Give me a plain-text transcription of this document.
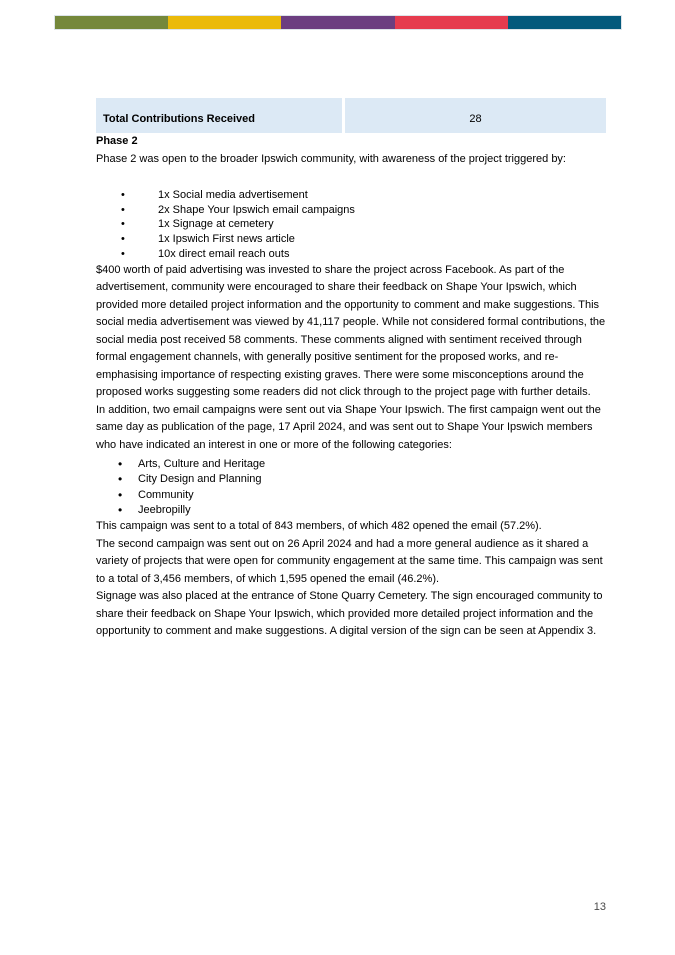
Total Contributions Received	28

Phase 2

Phase 2 was open to the broader Ipswich community, with awareness of the project triggered by:

• 1x Social media advertisement
• 2x Shape Your Ipswich email campaigns
• 1x Signage at cemetery
• 1x Ipswich First news article
• 10x direct email reach outs

$400 worth of paid advertising was invested to share the project across Facebook. As part of the advertisement, community were encouraged to share their feedback on Shape Your Ipswich, which provided more detailed project information and the opportunity to comment and make suggestions. This social media advertisement was viewed by 41,117 people. While not considered formal contributions, the social media post received 58 comments. These comments aligned with sentiment received through formal engagement channels, with generally positive sentiment for the proposed works, and re-emphasising importance of respecting existing graves. There were some misconceptions around the proposed works suggesting some readers did not click through to the project page with further details.

In addition, two email campaigns were sent out via Shape Your Ipswich. The first campaign went out the same day as publication of the page, 17 April 2024, and was sent out to Shape Your Ipswich members who have indicated an interest in one or more of the following categories:

• Arts, Culture and Heritage
• City Design and Planning
• Community
• Jeebropilly

This campaign was sent to a total of 843 members, of which 482 opened the email (57.2%).

The second campaign was sent out on 26 April 2024 and had a more general audience as it shared a variety of projects that were open for community engagement at the same time. This campaign was sent to a total of 3,456 members, of which 1,595 opened the email (46.2%).

Signage was also placed at the entrance of Stone Quarry Cemetery. The sign encouraged community to share their feedback on Shape Your Ipswich, which provided more detailed project information and the opportunity to comment and make suggestions. A digital version of the sign can be seen at Appendix 3.

13
